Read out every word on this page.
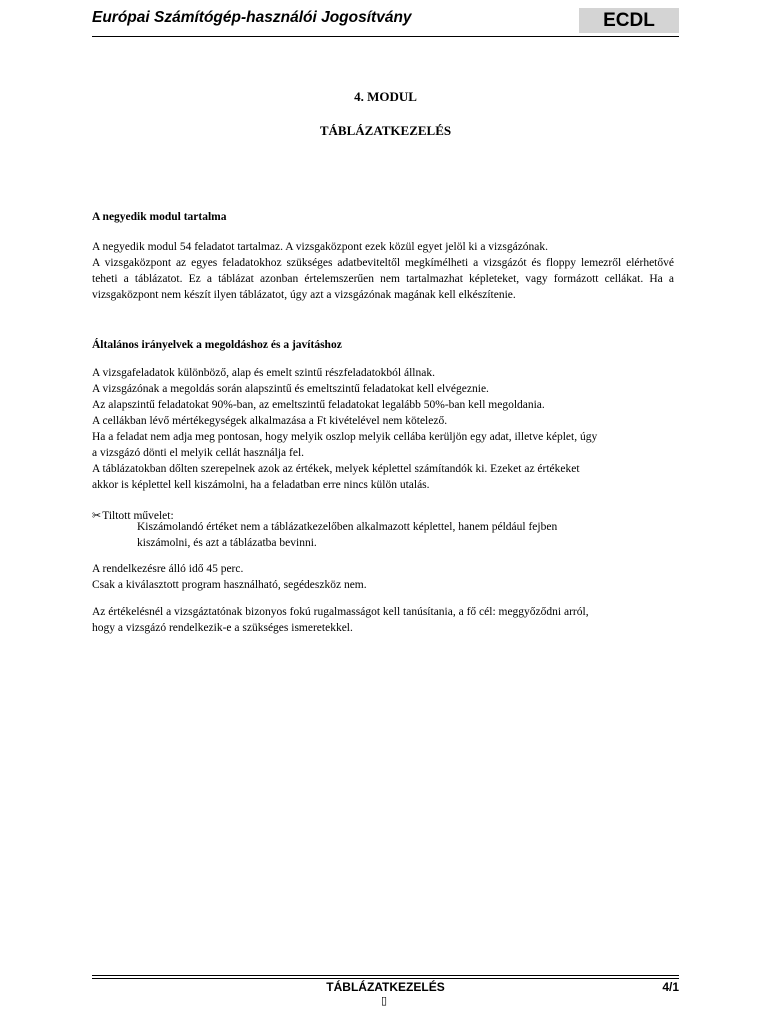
Európai Számítógép-használói Jogosítvány	ECDL
4. MODUL
TÁBLÁZATKEZELÉS
A negyedik modul tartalma
A negyedik modul 54 feladatot tartalmaz. A vizsgaközpont ezek közül egyet jelöl ki a vizsgázónak.

A vizsgaközpont az egyes feladatokhoz szükséges adatbeviteltől megkímélheti a vizsgázót és floppy lemezről elérhetővé teheti a táblázatot. Ez a táblázat azonban értelemszerűen nem tartalmazhat képleteket, vagy formázott cellákat. Ha a vizsgaközpont nem készít ilyen táblázatot, úgy azt a vizsgázónak magának kell elkészítenie.

Általános irányelvek a megoldáshoz és a javításhoz
A vizsgafeladatok különböző, alap és emelt szintű részfeladatokból állnak.
A vizsgázónak a megoldás során alapszintű és emeltszintű feladatokat kell elvégeznie.
Az alapszintű feladatokat 90%-ban, az emeltszintű feladatokat legalább 50%-ban kell megoldania.
A cellákban lévő mértékegységek alkalmazása a Ft kivételével nem kötelező.
Ha a feladat nem adja meg pontosan, hogy melyik oszlop melyik cellába kerüljön egy adat, illetve képlet, úgy
a vizsgázó dönti el melyik cellát használja fel.
A táblázatokban dőlten szerepelnek azok az értékek, melyek képlettel számítandók ki. Ezeket az értékeket
akkor is képlettel kell kiszámolni, ha a feladatban erre nincs külön utalás.
✂Tiltott művelet:
Kiszámolandó értéket nem a táblázatkezelőben alkalmazott képlettel, hanem például fejben
kiszámolni, és azt a táblázatba bevinni.
A rendelkezésre álló idő 45 perc.
Csak a kiválasztott program használható, segédeszköz nem.
Az értékelésnél a vizsgáztatónak bizonyos fokú rugalmasságot kell tanúsítania, a fő cél: meggyőződni arról,
hogy a vizsgázó rendelkezik-e a szükséges ismeretekkel.
TÁBLÁZATKEZELÉS	4/1
▯
